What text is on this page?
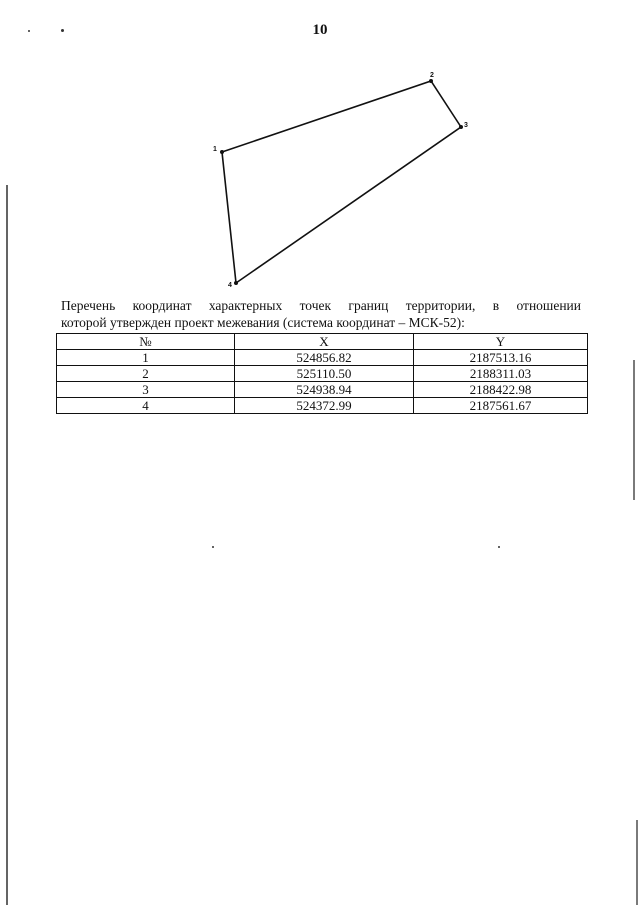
10
1
2
3
4
Перечень координат характерных точек границ территории, в отношении
которой утвержден проект межевания (система координат – МСК-52):
№	X	Y
1	524856.82	2187513.16
2	525110.50	2188311.03
3	524938.94	2188422.98
4	524372.99	2187561.67
